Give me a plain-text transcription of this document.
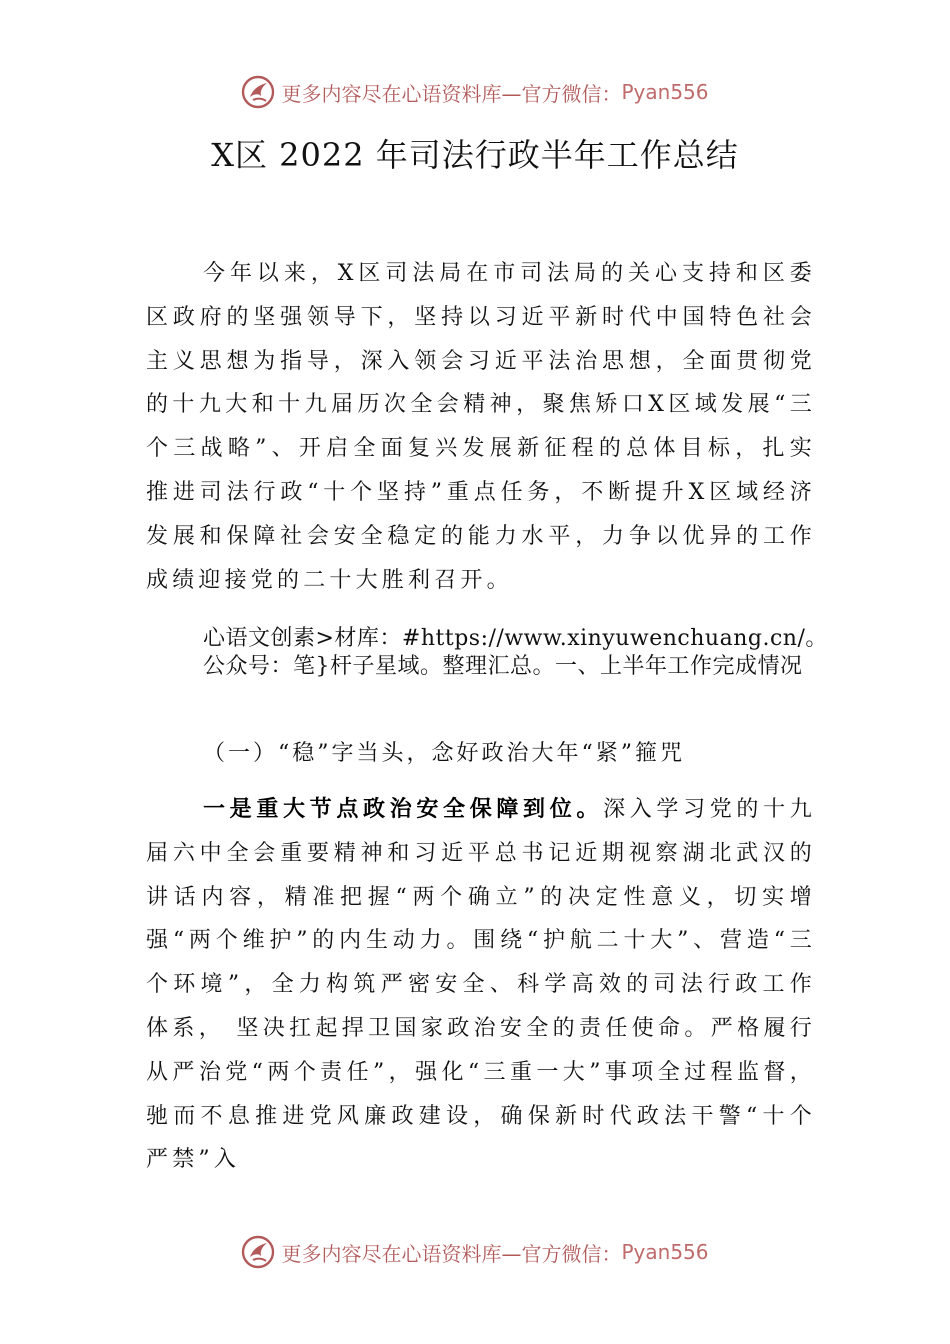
更多内容尽在心语资料库—官方微信： Pyan556
X区 2022 年司法行政半年工作总结

今年以来，X区司法局在市司法局的关心支持和区委区政府的坚强领导下，坚持以习近平新时代中国特色社会主义思想为指导，深入领会习近平法治思想，全面贯彻党的十九大和十九届历次全会精神，聚焦矫口X区域发展“三个三战略”、开启全面复兴发展新征程的总体目标，扎实推进司法行政“十个坚持”重点任务，不断提升X区域经济发展和保障社会安全稳定的能力水平，力争以优异的工作成绩迎接党的二十大胜利召开。

心语文创素>材库：#https://www.xinyuwenchuang.cn/。公众号：笔}杆子星域。整理汇总。一、上半年工作完成情况

（一）“稳”字当头，念好政治大年“紧”箍咒

一是重大节点政治安全保障到位。深入学习党的十九届六中全会重要精神和习近平总书记近期视察湖北武汉的讲话内容，精准把握“两个确立”的决定性意义，切实增强“两个维护”的内生动力。围绕“护航二十大”、营造“三个环境”，全力构筑严密安全、科学高效的司法行政工作体系， 坚决扛起捍卫国家政治安全的责任使命。严格履行从严治党“两个责任”，强化“三重一大”事项全过程监督，驰而不息推进党风廉政建设，确保新时代政法干警“十个严禁”入

更多内容尽在心语资料库—官方微信： Pyan556
